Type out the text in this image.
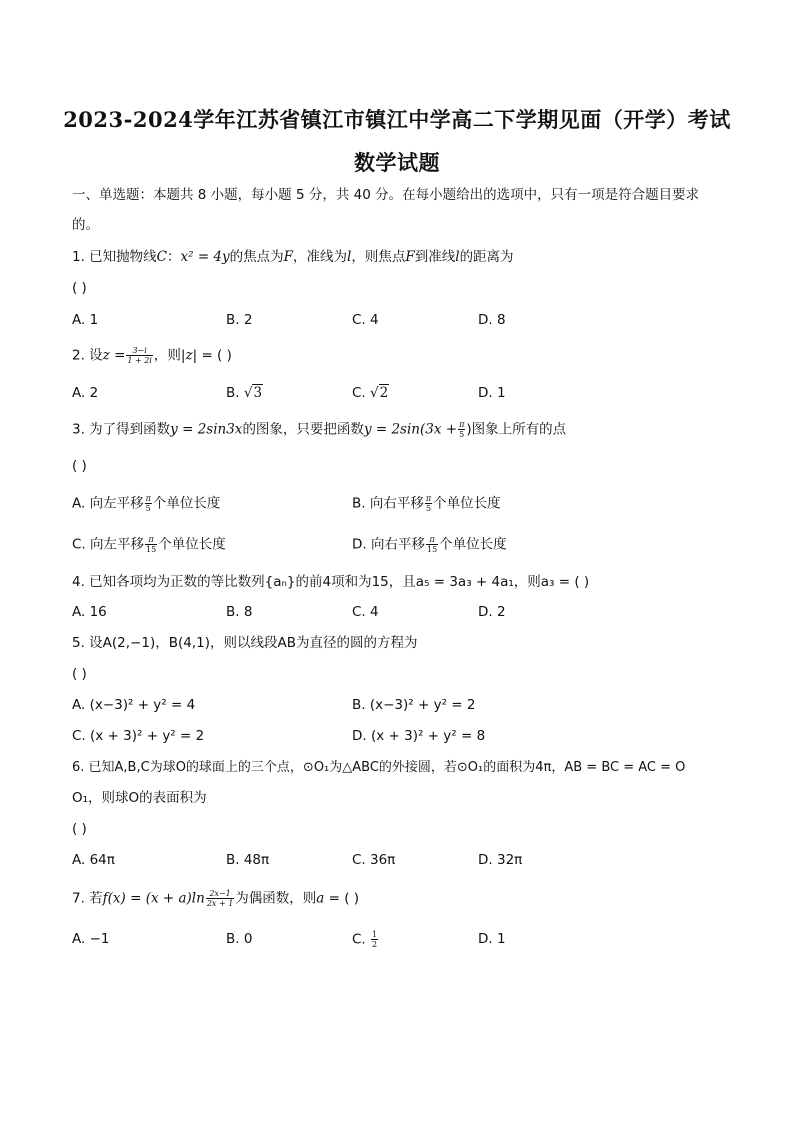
2023-2024学年江苏省镇江市镇江中学高二下学期见面（开学）考试
数学试题
一、单选题：本题共 8 小题，每小题 5 分，共 40 分。在每小题给出的选项中，只有一项是符合题目要求
的。
1. 已知抛物线C：x² = 4y的焦点为F，准线为l，则焦点F到准线l的距离为
( )
A. 1	B. 2	C. 4	D. 8
2. 设$z = \frac{3-i}{1 + 2i}$ ，则|z| = ( )
A. 2	B. √3	C. √2	D. 1
3. 为了得到函数y = 2sin3x的图象，只要把函数$y = 2\sin(3x + \frac{\pi}{5}$ )图象上所有的点
( )
A. 向左平移 $\frac{\pi}{5}$ 个单位长度	B. 向右平移 $\frac{\pi}{5}$ 个单位长度
C. 向左平移 $\frac{\pi}{15}$ 个单位长度	D. 向右平移 $\frac{\pi}{15}$ 个单位长度
4. 已知各项均为正数的等比数列{aₙ}的前4项和为15，且a₅ = 3a₃ + 4a₁，则a₃ = ( )
A. 16	B. 8	C. 4	D. 2
5. 设A(2,−1)，B(4,1)，则以线段AB为直径的圆的方程为
( )
A. (x−3)² + y² = 4	B. (x−3)² + y² = 2
C. (x + 3)² + y² = 2	D. (x + 3)² + y² = 8
6. 已知A,B,C为球O的球面上的三个点，⊙O₁为△ABC的外接圆，若⊙O₁的面积为4π，AB = BC = AC = O
O₁，则球O的表面积为
( )
A. 64π	B. 48π	C. 36π	D. 32π
7. 若$f(x) = (x + a)\ln \frac{2x-1}{2x + 1}$ 为偶函数，则a = ( )
A. −1	B. 0	C. $\frac{1}{2}$	D. 1
